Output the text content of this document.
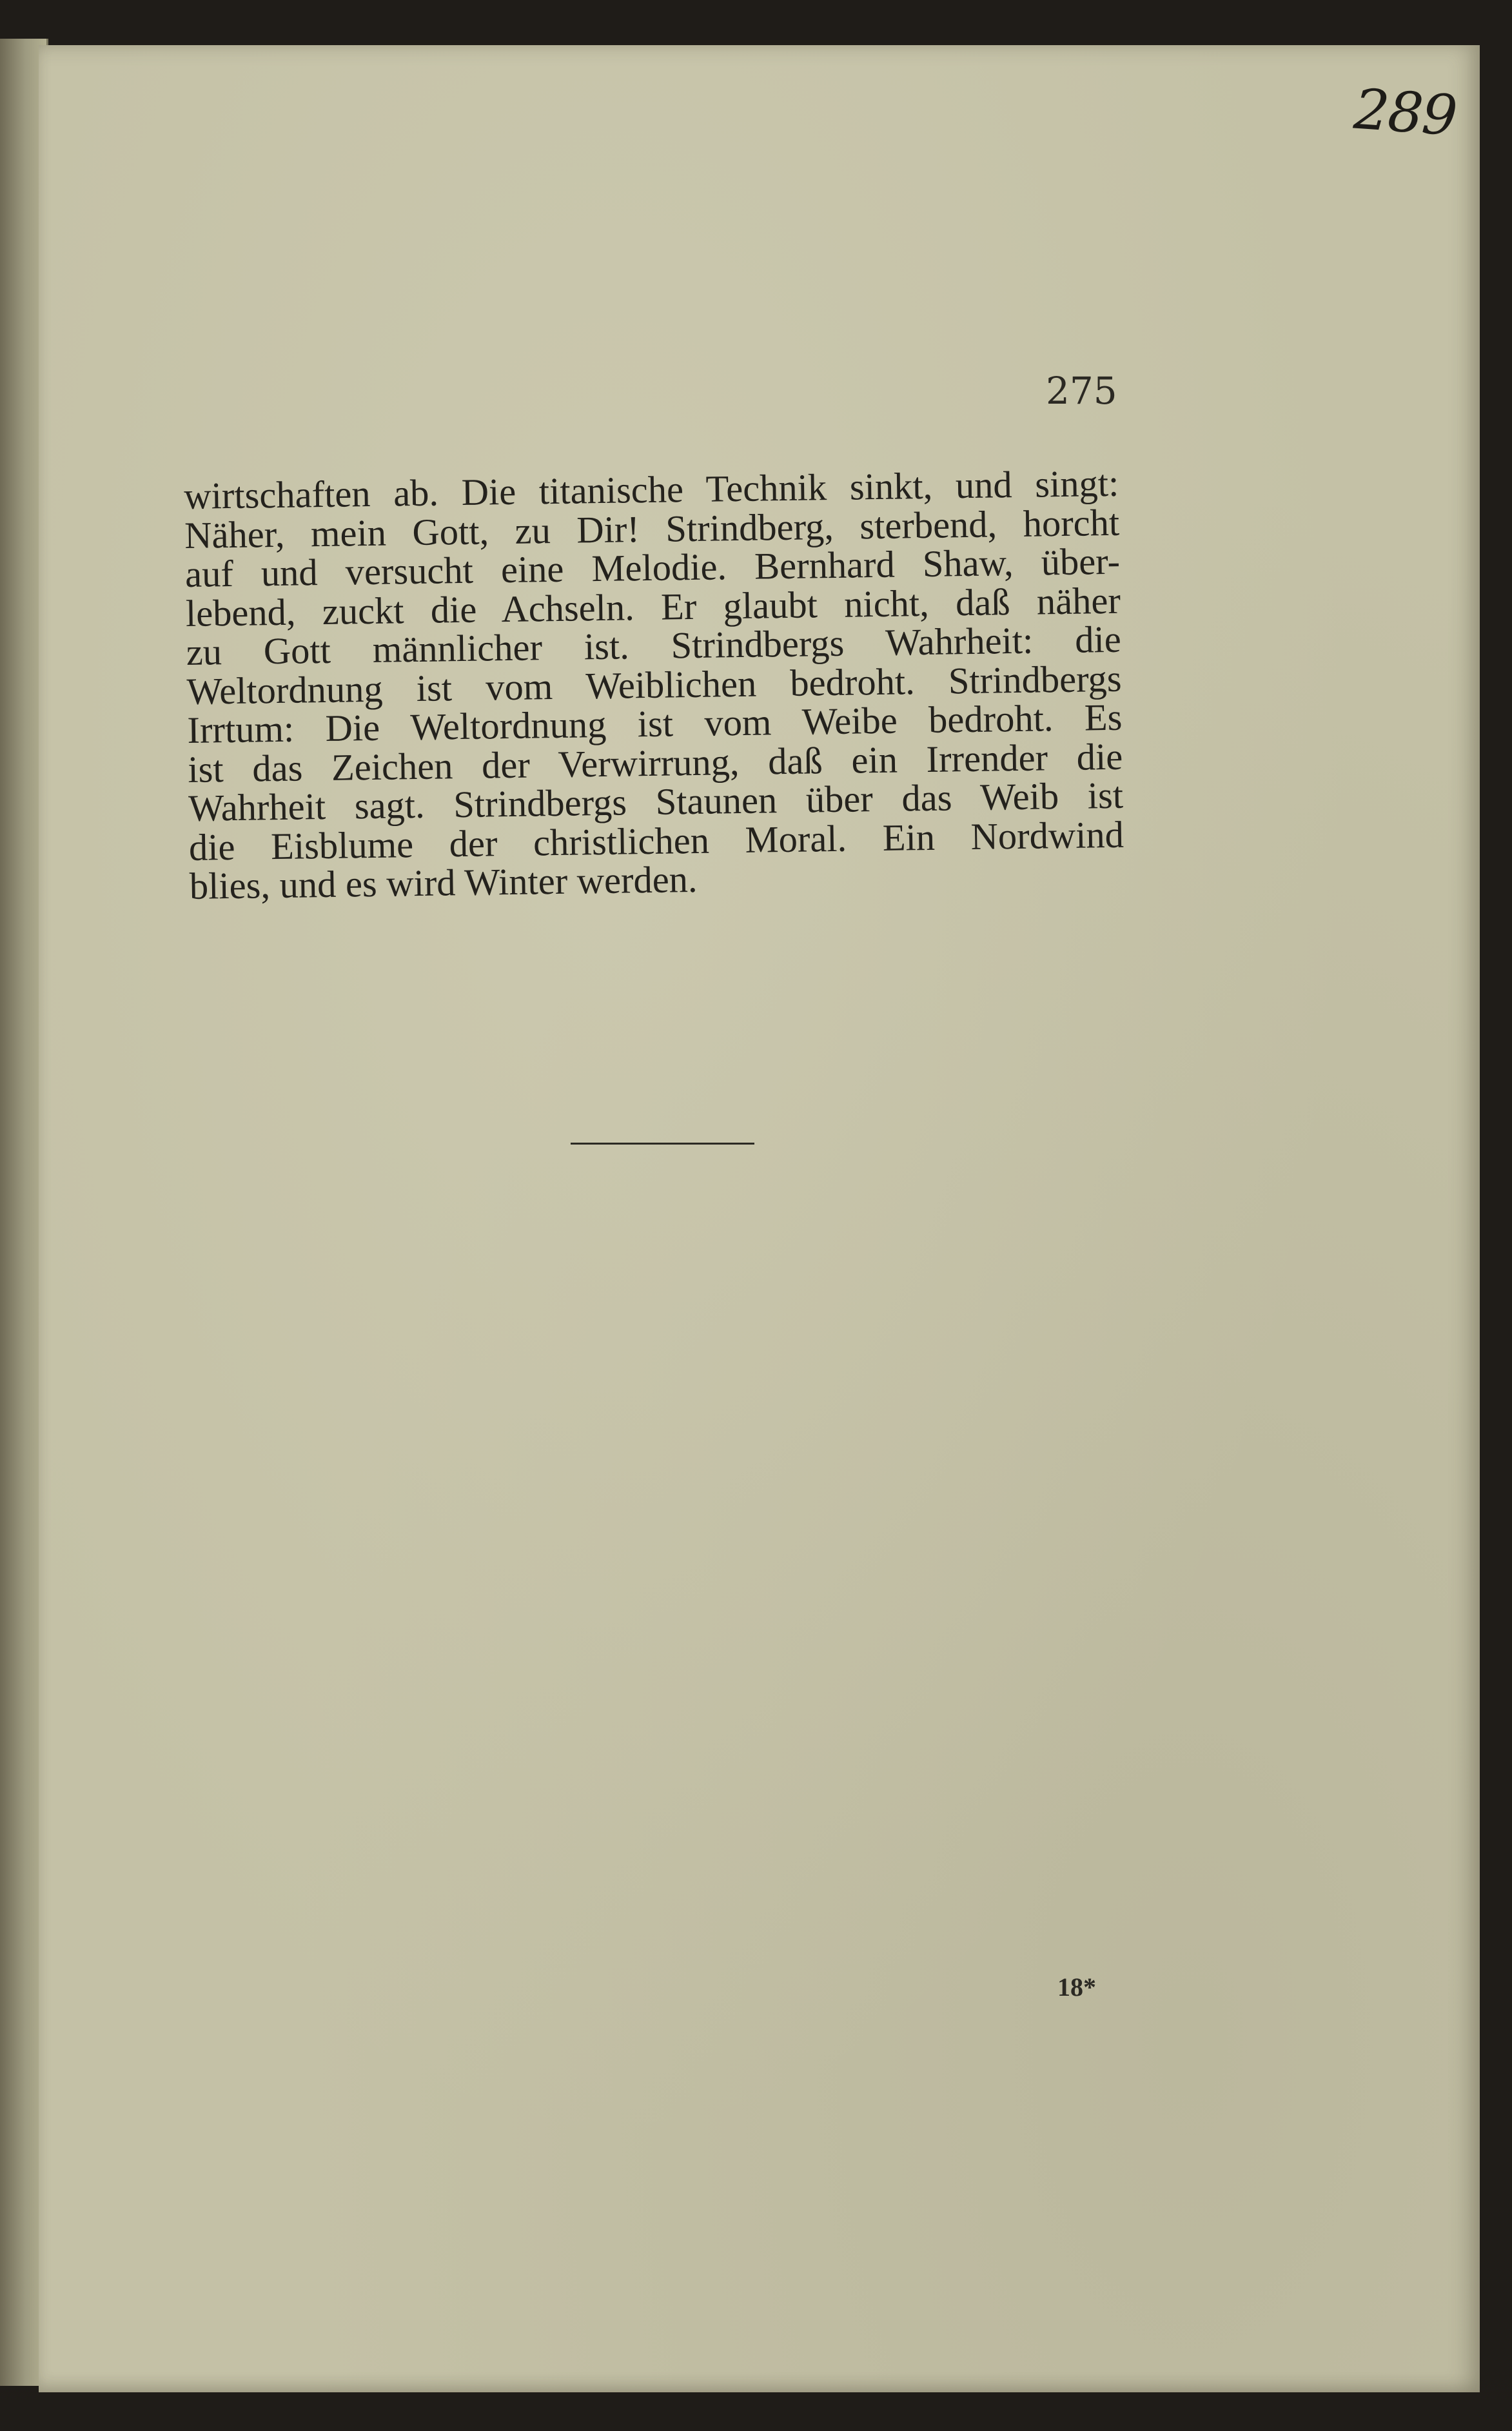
289
275

wirtschaften ab. Die titanische Technik sinkt, und singt:
Näher, mein Gott, zu Dir! Strindberg, sterbend, horcht
auf und versucht eine Melodie. Bernhard Shaw, über-
lebend, zuckt die Achseln. Er glaubt nicht, daß näher
zu Gott männlicher ist. Strindbergs Wahrheit: die
Weltordnung ist vom Weiblichen bedroht. Strindbergs
Irrtum: Die Weltordnung ist vom Weibe bedroht. Es
ist das Zeichen der Verwirrung, daß ein Irrender die
Wahrheit sagt. Strindbergs Staunen über das Weib ist
die Eisblume der christlichen Moral. Ein Nordwind
blies, und es wird Winter werden.

18*
